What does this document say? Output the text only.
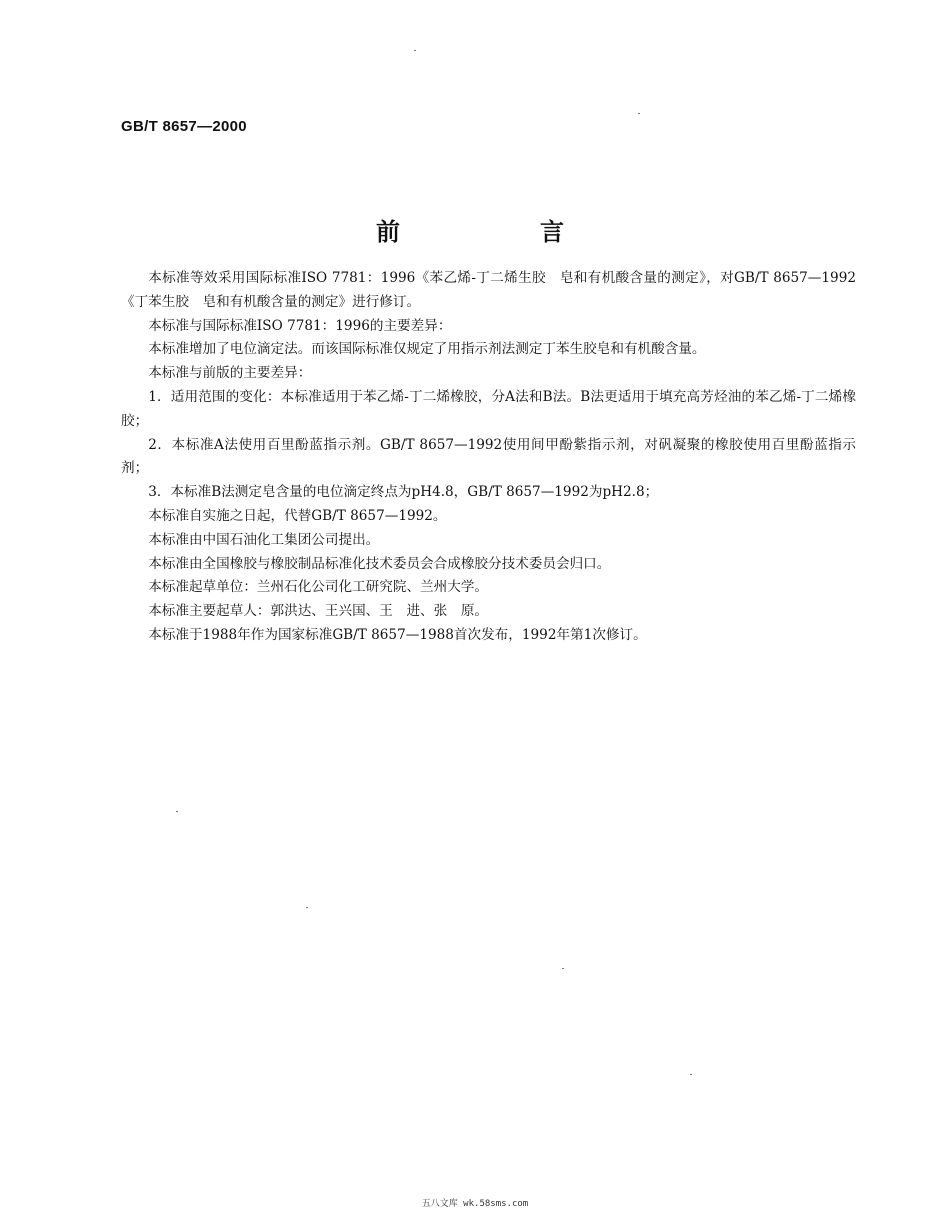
GB/T 8657—2000
前　言

本标准等效采用国际标准ISO 7781：1996《苯乙烯-丁二烯生胶　皂和有机酸含量的测定》，对GB/T 8657—1992《丁苯生胶　皂和有机酸含量的测定》进行修订。

本标准与国际标准ISO 7781：1996的主要差异：

本标准增加了电位滴定法。而该国际标准仅规定了用指示剂法测定丁苯生胶皂和有机酸含量。

本标准与前版的主要差异：

1．适用范围的变化：本标准适用于苯乙烯-丁二烯橡胶，分A法和B法。B法更适用于填充高芳烃油的苯乙烯-丁二烯橡胶；

2．本标准A法使用百里酚蓝指示剂。GB/T 8657—1992使用间甲酚紫指示剂，对矾凝聚的橡胶使用百里酚蓝指示剂；

3．本标准B法测定皂含量的电位滴定终点为pH4.8，GB/T 8657—1992为pH2.8；

本标准自实施之日起，代替GB/T 8657—1992。

本标准由中国石油化工集团公司提出。

本标准由全国橡胶与橡胶制品标准化技术委员会合成橡胶分技术委员会归口。

本标准起草单位：兰州石化公司化工研究院、兰州大学。

本标准主要起草人：郭洪达、王兴国、王　进、张　原。

本标准于1988年作为国家标准GB/T 8657—1988首次发布，1992年第1次修订。

五八文库 wk.58sms.com
